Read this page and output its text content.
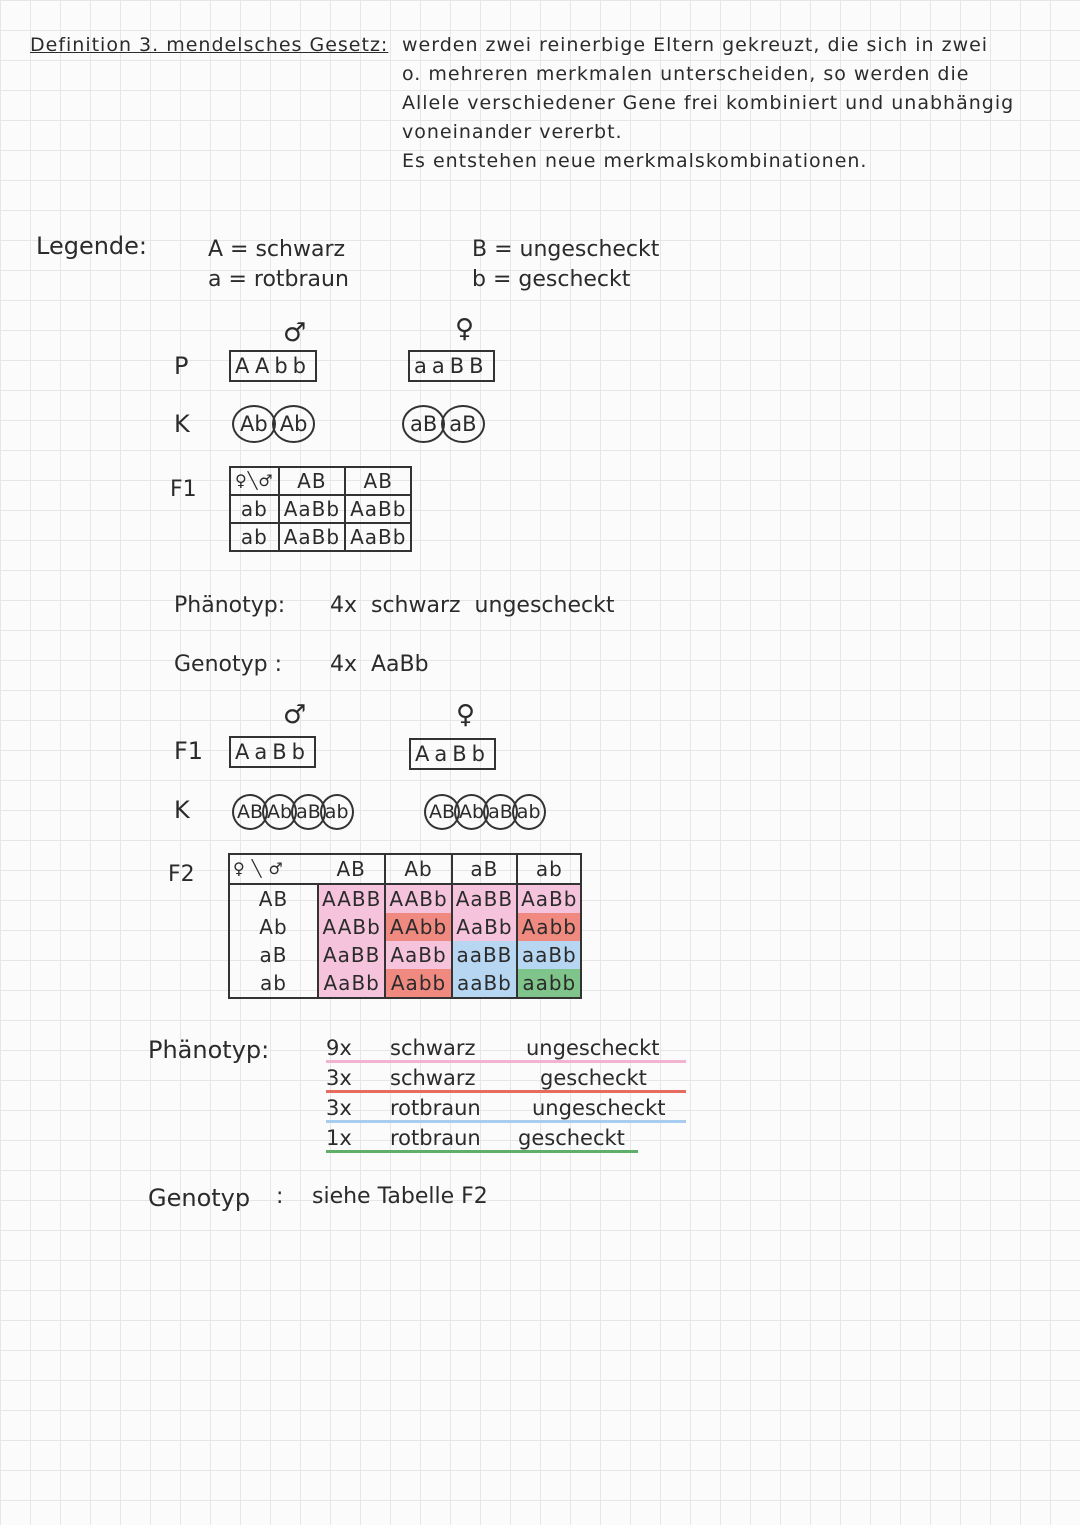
Definition 3. mendelsches Gesetz: werden zwei reinerbige Eltern gekreuzt, die sich in zwei
o. mehreren merkmalen unterscheiden, so werden die
Allele verschiedener Gene frei kombiniert und unabhängig
voneinander vererbt.
Es entstehen neue merkmalskombinationen.
Legende:	A = schwarz
a = rotbraun
B = ungescheckt
b = gescheckt
♂	♀
P AAbb	aaBB
K	Ab Ab	aB aB
F1 ♀╲♂	AB	AB
ab	AaBb	AaBb
ab	AaBb	AaBb
Phänotyp: 4x  schwarz  ungescheckt
Genotyp : 4x  AaBb
♂	♀
F1 AaBb	AaBb
K AB Ab aB ab	AB Ab aB ab
F2 ♀ ╲ ♂	AB	Ab	aB	ab
AB	AABB	AABb	AaBB	AaBb
Ab	AABb	AAbb	AaBb	Aabb
aB	AaBB	AaBb	aaBB	aaBb
ab	AaBb	Aabb	aaBb	aabb
Phänotyp:	9x schwarz ungescheckt
3x schwarz	gescheckt
3x rotbraun ungescheckt
1x rotbraun gescheckt
Genotyp : siehe Tabelle F2
